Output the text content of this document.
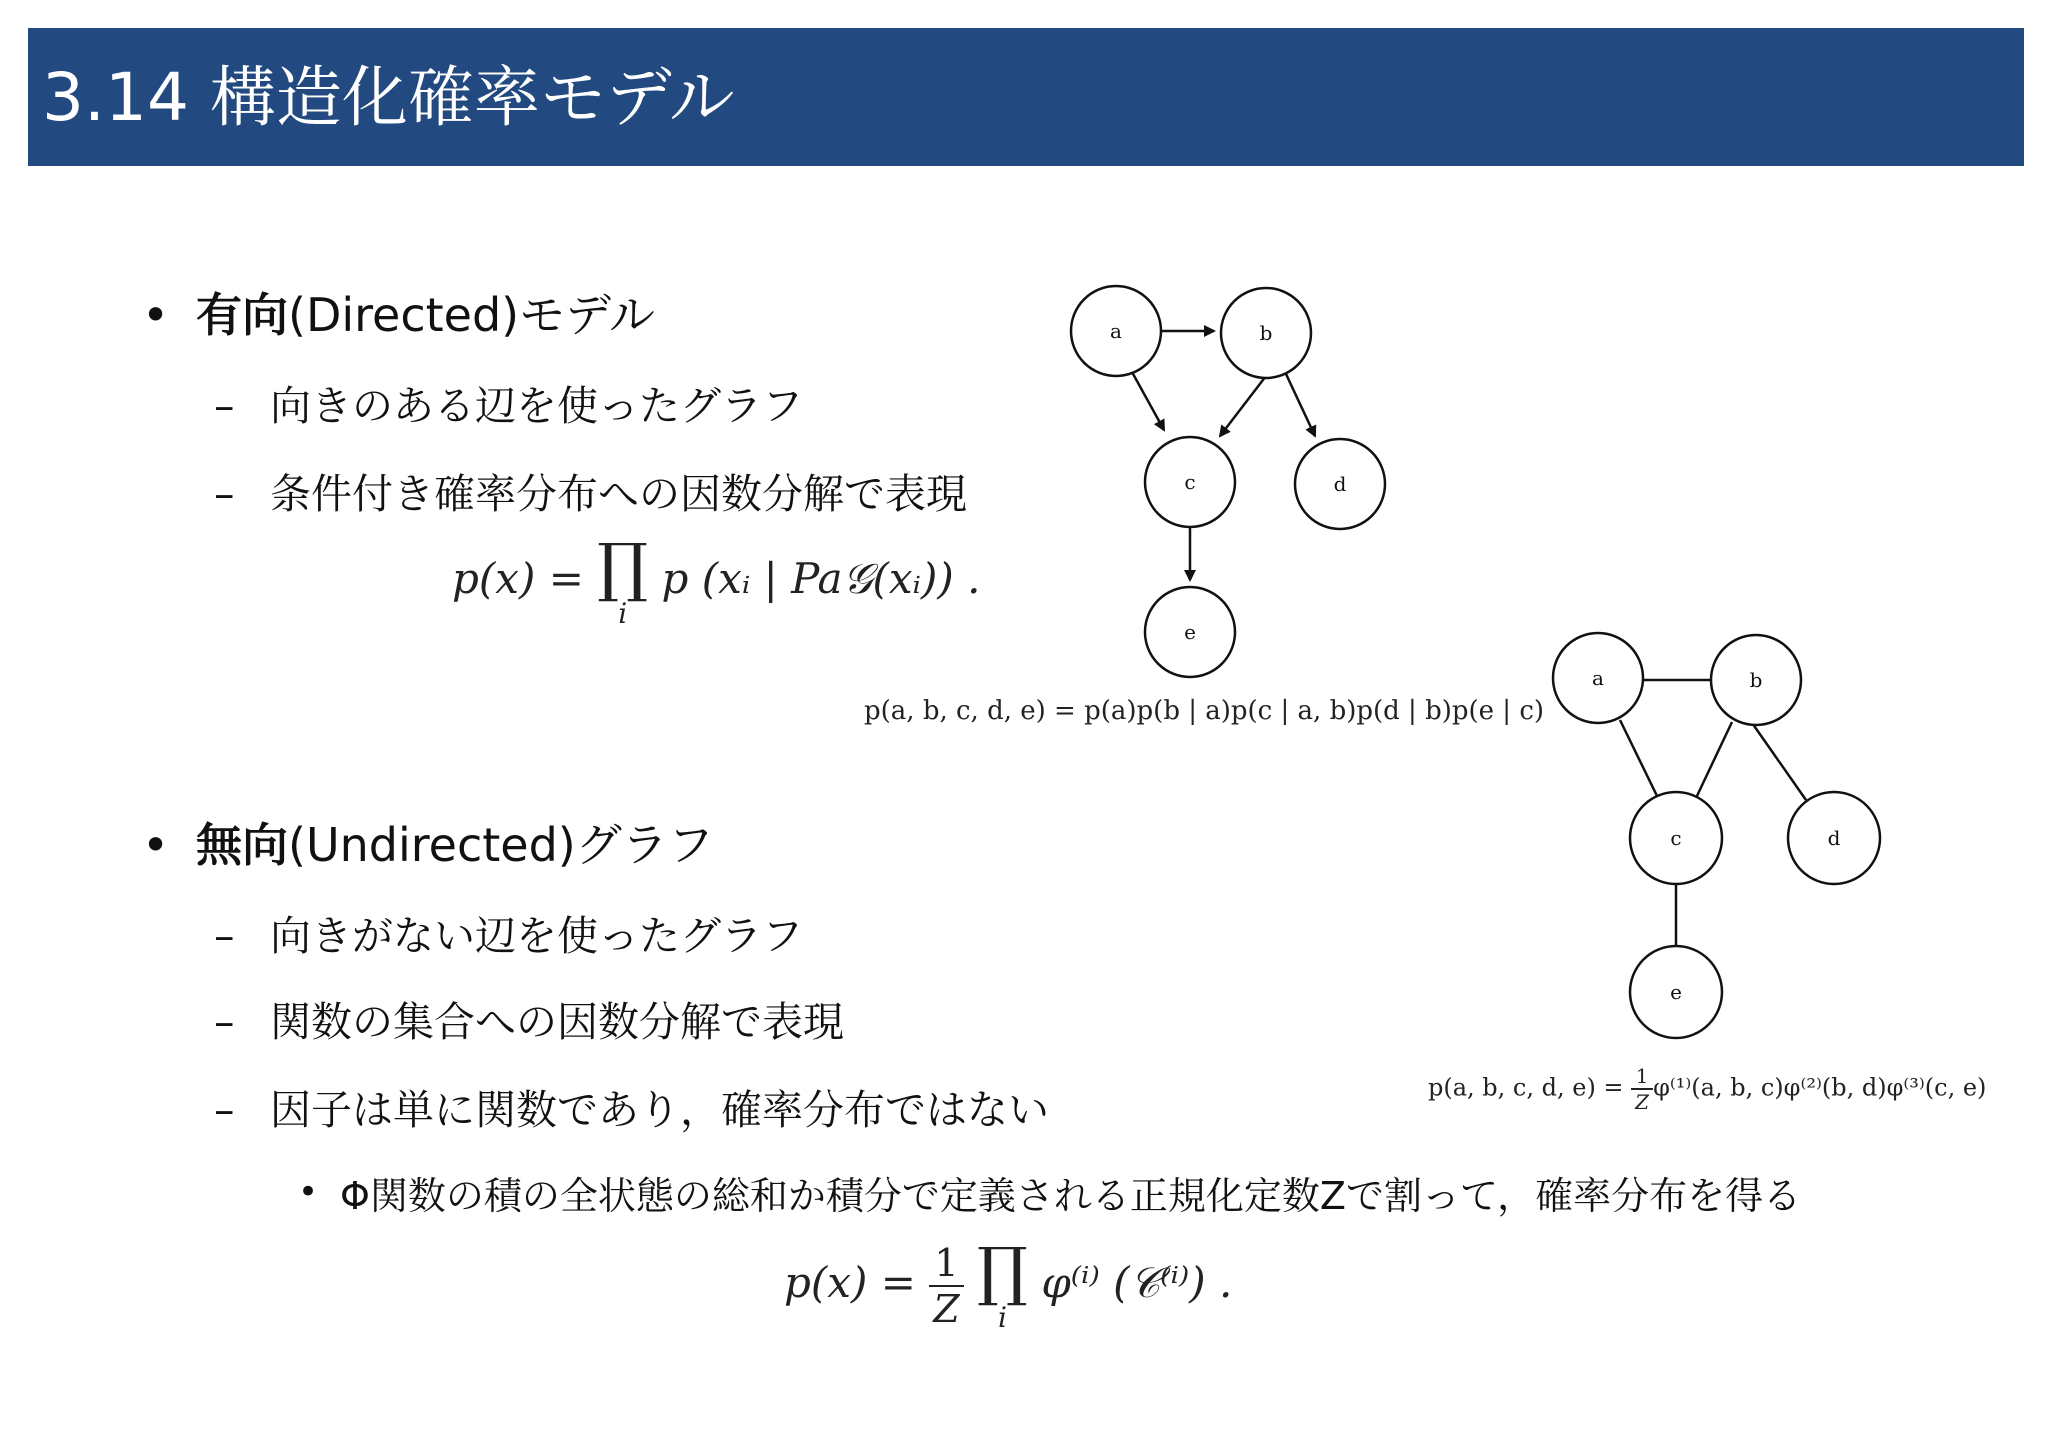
3.14 構造化確率モデル
• 有向(Directed)モデル
– 向きのある辺を使ったグラフ
– 条件付き確率分布への因数分解で表現
p(x) = ∏
i
p (xᵢ | Pa𝒢(xᵢ)) .
a	b
c	d
e
p(a, b, c, d, e) = p(a)p(b | a)p(c | a, b)p(d | b)p(e | c)
a	b
c	d
e
p(a, b, c, d, $e) = \frac{1}{Z} \varphi^{(1)}(a$, b, c)φ⁽²⁾(b, d)φ⁽³⁾(c, e)
• 無向(Undirected)グラフ
– 向きがない辺を使ったグラフ
– 関数の集合への因数分解で表現
– 因子は単に関数であり，確率分布ではない
• Φ関数の積の全状態の総和か積分で定義される正規化定数Zで割って，確率分布を得る
$p(x) = \frac{1}{Z}$
∏
i
φ⁽ⁱ⁾ (𝒞⁽ⁱ⁾) .
